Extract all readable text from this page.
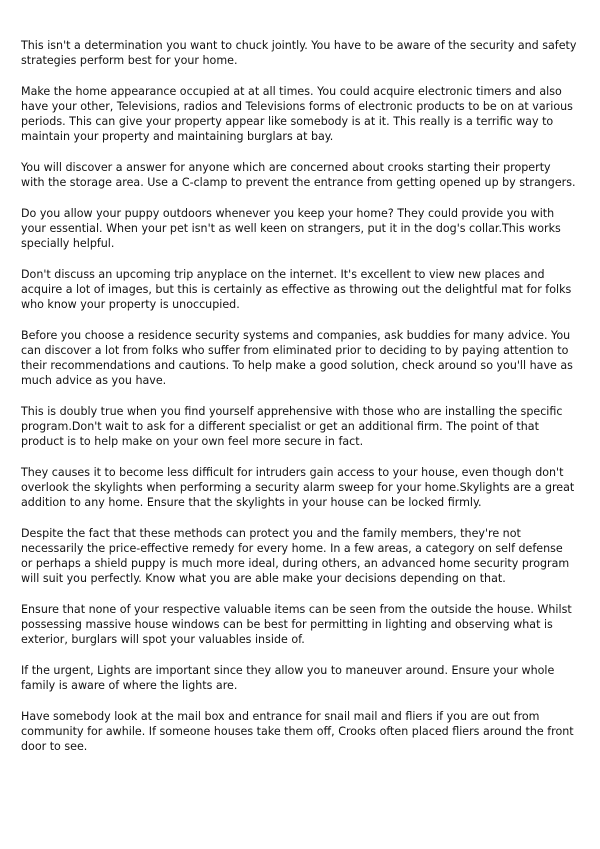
This isn't a determination you want to chuck jointly. You have to be aware of the security and safety strategies perform best for your home.

Make the home appearance occupied at at all times. You could acquire electronic timers and also have your other, Televisions, radios and Televisions forms of electronic products to be on at various periods. This can give your property appear like somebody is at it. This really is a terrific way to maintain your property and maintaining burglars at bay.

You will discover a answer for anyone which are concerned about crooks starting their property with the storage area. Use a C-clamp to prevent the entrance from getting opened up by strangers.

Do you allow your puppy outdoors whenever you keep your home? They could provide you with your essential. When your pet isn't as well keen on strangers, put it in the dog's collar.This works specially helpful.

Don't discuss an upcoming trip anyplace on the internet. It's excellent to view new places and acquire a lot of images, but this is certainly as effective as throwing out the delightful mat for folks who know your property is unoccupied.

Before you choose a residence security systems and companies, ask buddies for many advice. You can discover a lot from folks who suffer from eliminated prior to deciding to by paying attention to their recommendations and cautions. To help make a good solution, check around so you'll have as much advice as you have.

This is doubly true when you find yourself apprehensive with those who are installing the specific program.Don't wait to ask for a different specialist or get an additional firm. The point of that product is to help make on your own feel more secure in fact.

They causes it to become less difficult for intruders gain access to your house, even though don't overlook the skylights when performing a security alarm sweep for your home.Skylights are a great addition to any home. Ensure that the skylights in your house can be locked firmly.

Despite the fact that these methods can protect you and the family members, they're not necessarily the price-effective remedy for every home. In a few areas, a category on self defense or perhaps a shield puppy is much more ideal, during others, an advanced home security program will suit you perfectly. Know what you are able make your decisions depending on that.

Ensure that none of your respective valuable items can be seen from the outside the house. Whilst possessing massive house windows can be best for permitting in lighting and observing what is exterior, burglars will spot your valuables inside of.

If the urgent, Lights are important since they allow you to maneuver around. Ensure your whole family is aware of where the lights are.

Have somebody look at the mail box and entrance for snail mail and fliers if you are out from community for awhile. If someone houses take them off, Crooks often placed fliers around the front door to see.
